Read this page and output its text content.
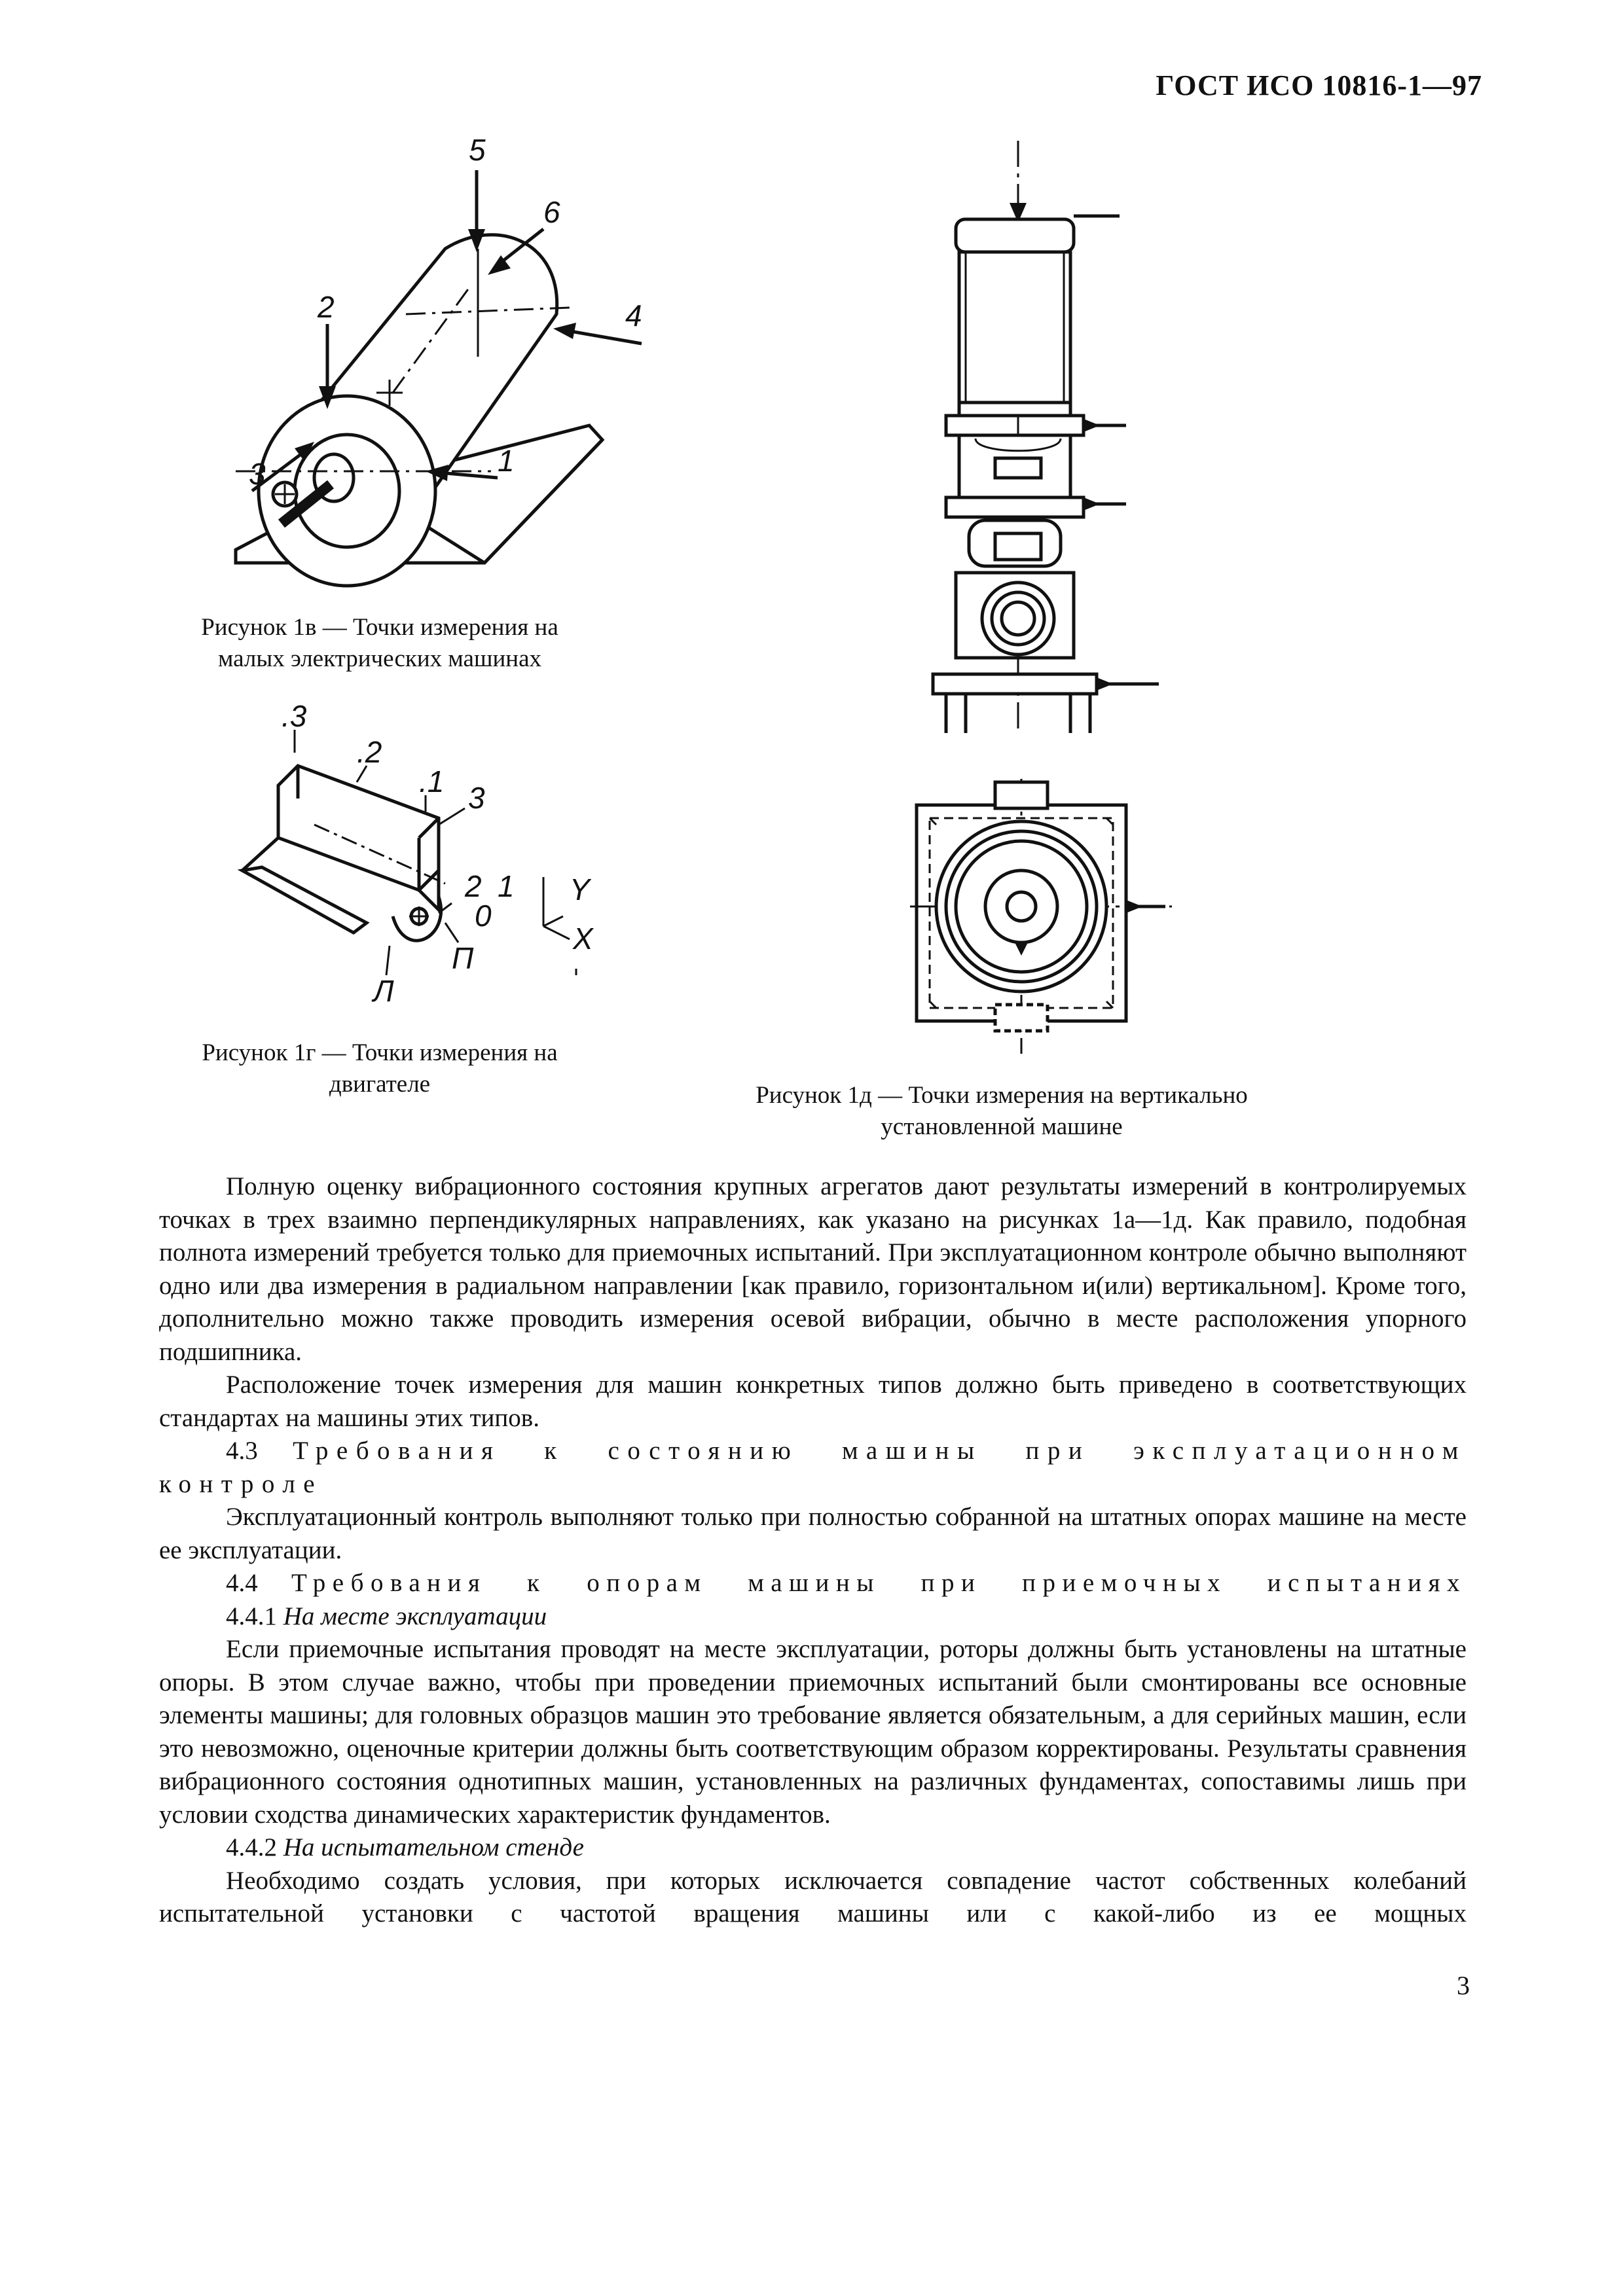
ГОСТ ИСО 10816-1—97
5
6
4
2
3	1
Рисунок 1в — Точки измерения на
малых электрических машинах
.3
.2
.1 3
2 1
0
П
Л
Y
X
Рисунок 1г — Точки измерения на
двигателе	Рисунок 1д — Точки измерения на вертикально
установленной машине

Полную оценку вибрационного состояния крупных агрегатов дают результаты измерений в контролируемых точках в трех взаимно перпендикулярных направлениях, как указано на рисунках 1а—1д. Как правило, подобная полнота измерений требуется только для приемочных испытаний. При эксплуатационном контроле обычно выполняют одно или два измерения в радиальном направлении [как правило, горизонтальном и(или) вертикальном]. Кроме того, дополнительно можно также проводить измерения осевой вибрации, обычно в месте расположения упорного подшипника.

Расположение точек измерения для машин конкретных типов должно быть приведено в соответствующих стандартах на машины этих типов.

4.3 Требования к состоянию машины при эксплуатационном

контроле

Эксплуатационный контроль выполняют только при полностью собранной на штатных опорах машине на месте ее эксплуатации.

4.4 Требования к опорам машины при приемочных испытаниях

4.4.1 На месте эксплуатации

Если приемочные испытания проводят на месте эксплуатации, роторы должны быть установлены на штатные опоры. В этом случае важно, чтобы при проведении приемочных испытаний были смонтированы все основные элементы машины; для головных образцов машин это требование является обязательным, а для серийных машин, если это невозможно, оценочные критерии должны быть соответствующим образом корректированы. Результаты сравнения вибрационного состояния однотипных машин, установленных на различных фундаментах, сопоставимы лишь при условии сходства динамических характеристик фундаментов.

4.4.2 На испытательном стенде

Необходимо создать условия, при которых исключается совпадение частот собственных колебаний испытательной установки с частотой вращения машины или с какой-либо из ее мощных

3
